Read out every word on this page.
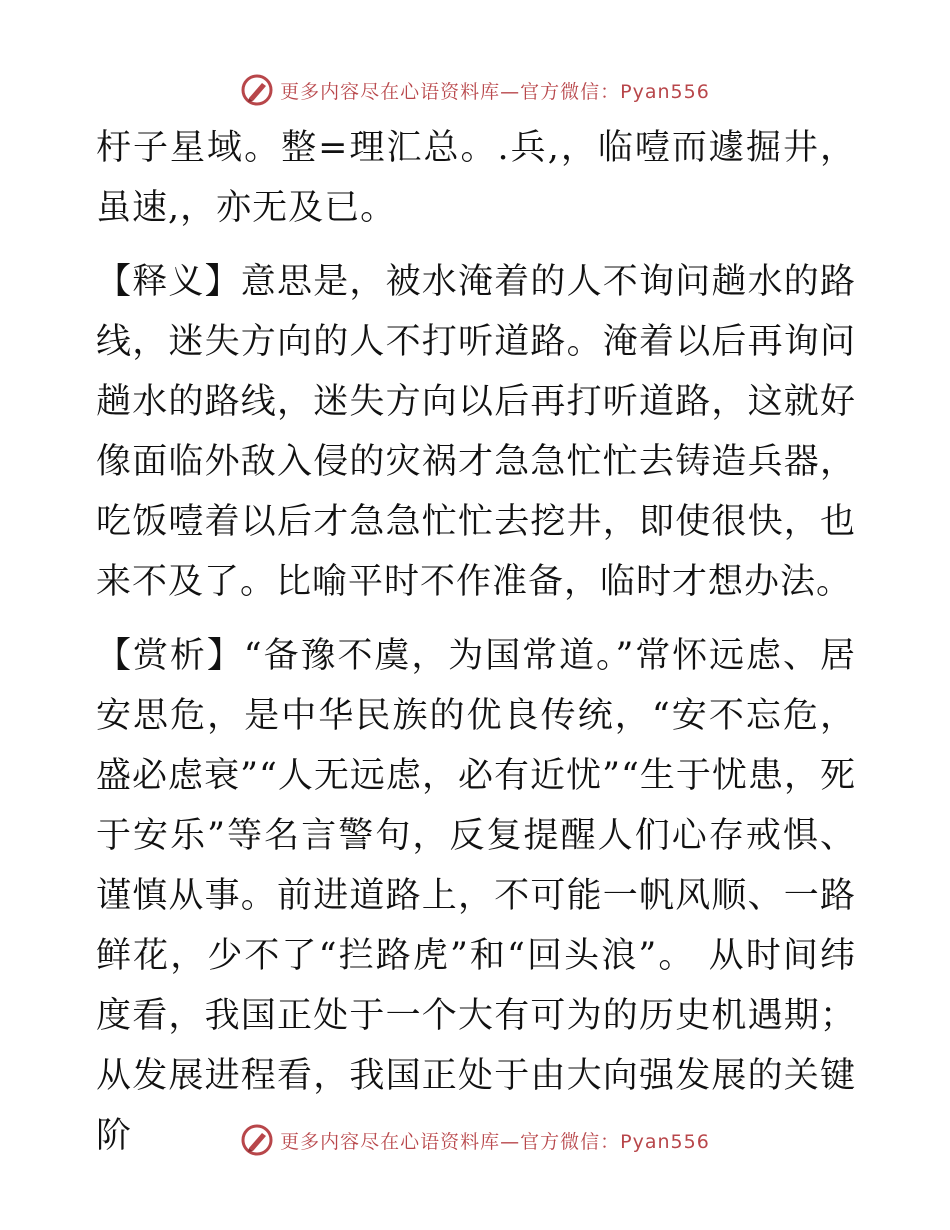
更多内容尽在心语资料库—官方微信：Pyan556

杅子星域。整=理汇总。.兵,，临噎而遽掘井，虽速,，亦无及已。

【释义】意思是，被水淹着的人不询问趟水的路线，迷失方向的人不打听道路。淹着以后再询问趟水的路线，迷失方向以后再打听道路，这就好像面临外敌入侵的灾祸才急急忙忙去铸造兵器，吃饭噎着以后才急急忙忙去挖井，即使很快，也来不及了。比喻平时不作准备，临时才想办法。

【赏析】“备豫不虞，为国常道。”常怀远虑、居安思危，是中华民族的优良传统，“安不忘危，盛必虑衰”“人无远虑，必有近忧”“生于忧患，死于安乐”等名言警句，反复提醒人们心存戒惧、谨慎从事。前进道路上，不可能一帆风顺、一路鲜花，少不了“拦路虎”和“回头浪”。 从时间纬度看，我国正处于一个大有可为的历史机遇期；从发展进程看，我国正处于由大向强发展的关键阶	更多内容尽在心语资料库—官方微信：Pyan556
